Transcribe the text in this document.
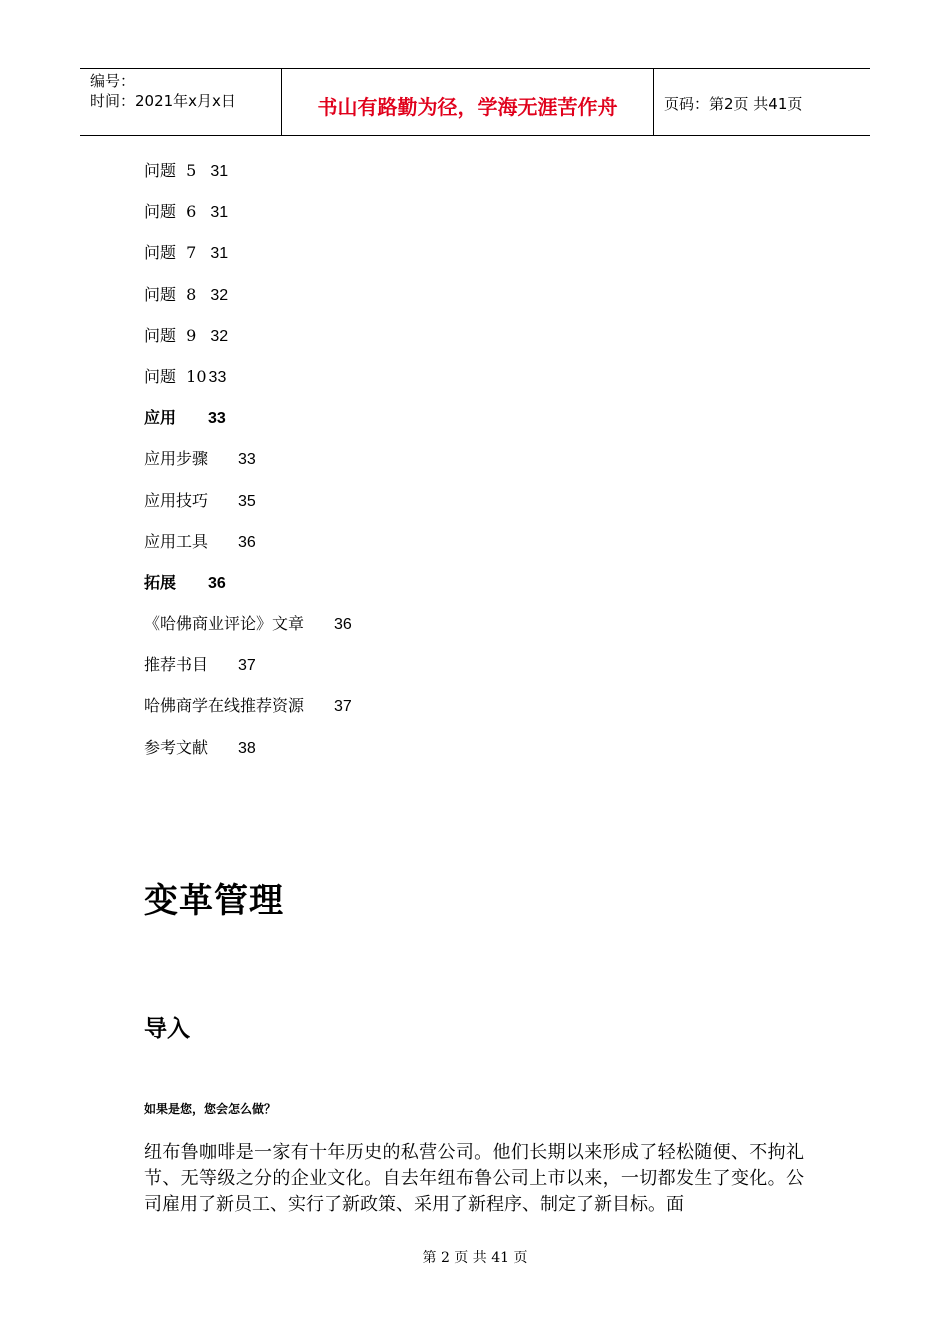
编号：
时间：2021年x月x日	书山有路勤为径，学海无涯苦作舟	页码：第2页 共41页
问题  5 31
问题  6 31
问题  7 31
问题  8 32
问题  9 32
问题  10 33
应用 33
应用步骤 33
应用技巧 35
应用工具 36
拓展 36
《哈佛商业评论》文章 36
推荐书目 37
哈佛商学在线推荐资源 37
参考文献 38
变革管理
导入
如果是您，您会怎么做？

纽布鲁咖啡是一家有十年历史的私营公司。他们长期以来形成了轻松随便、不拘礼节、无等级之分的企业文化。自去年纽布鲁公司上市以来，一切都发生了变化。公司雇用了新员工、实行了新政策、采用了新程序、制定了新目标。面

第 2 页 共 41 页
